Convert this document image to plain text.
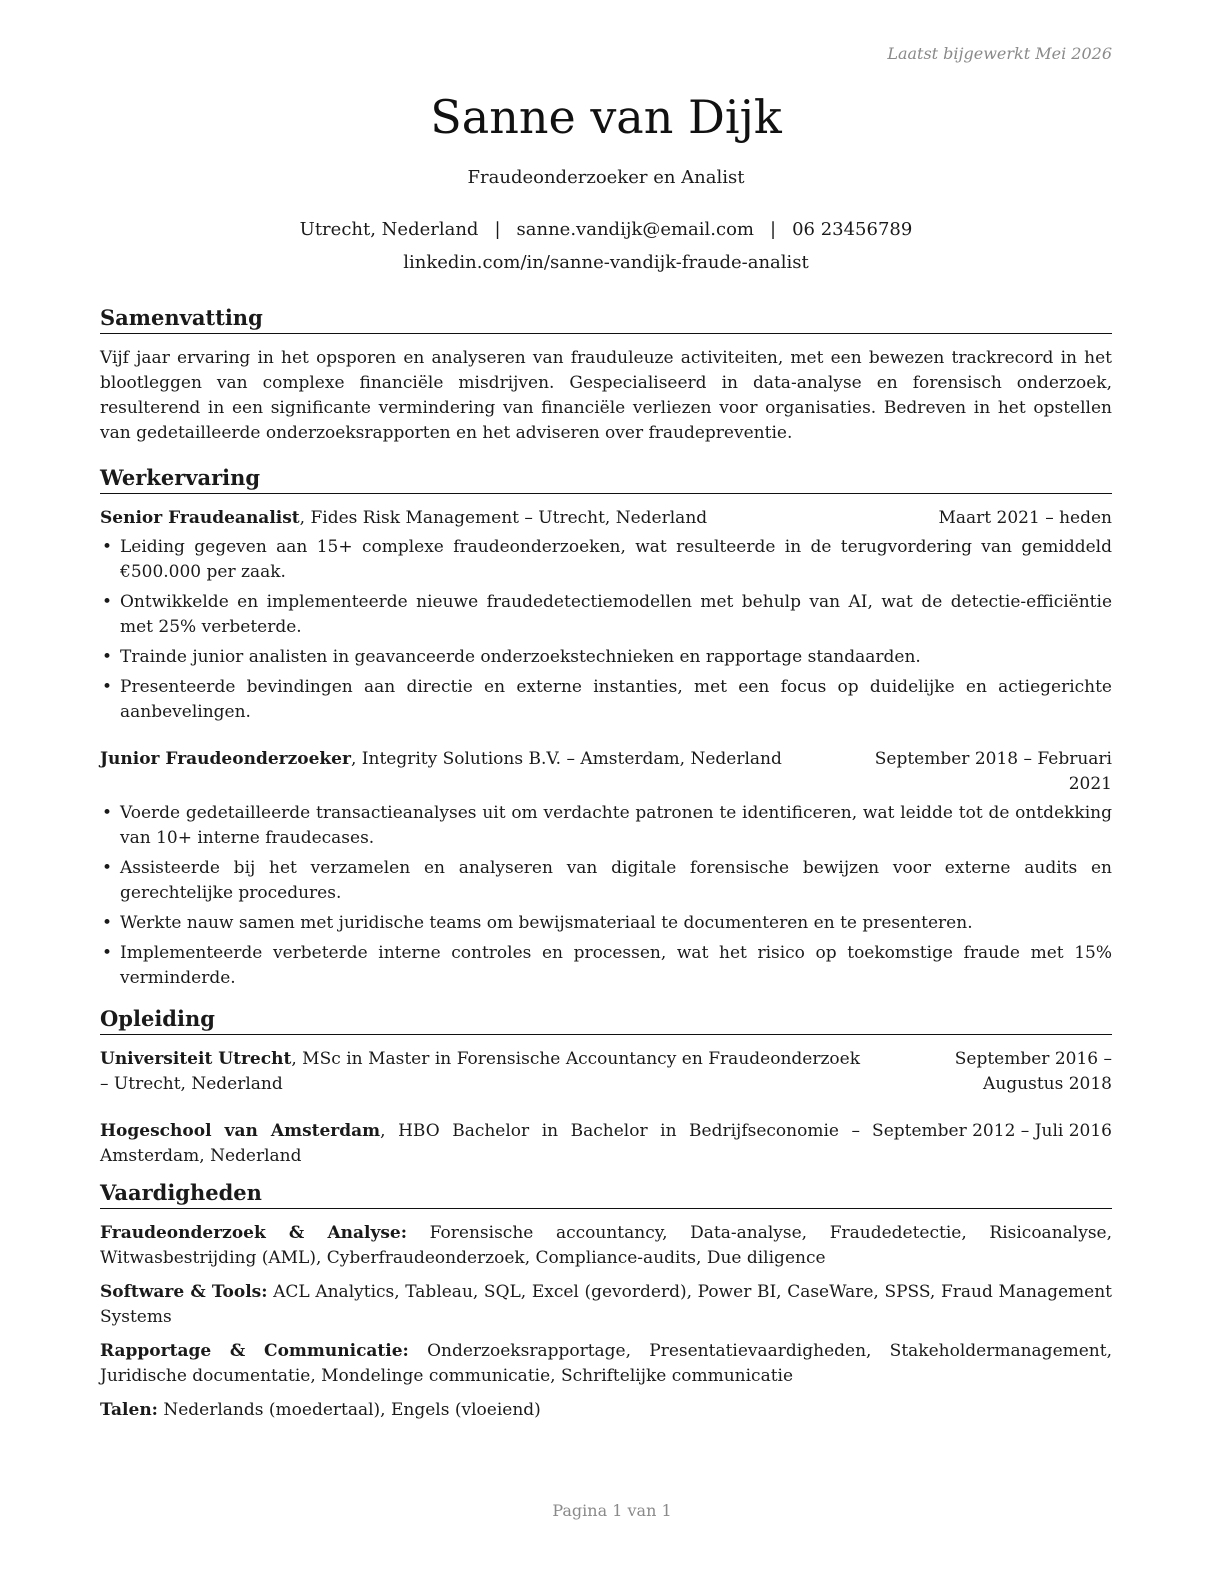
Laatst bijgewerkt Mei 2026
Sanne van Dijk
Fraudeonderzoeker en Analist
Utrecht, Nederland | sanne.vandijk@email.com | 06 23456789
linkedin.com/in/sanne-vandijk-fraude-analist
Samenvatting

Vijf jaar ervaring in het opsporen en analyseren van frauduleuze activiteiten, met een bewezen trackrecord in het blootleggen van complexe financiële misdrijven. Gespecialiseerd in data-analyse en forensisch onderzoek, resulterend in een significante vermindering van financiële verliezen voor organisaties. Bedreven in het opstellen van gedetailleerde onderzoeksrapporten en het adviseren over fraudepreventie.

Werkervaring
Senior Fraudeanalist, Fides Risk Management – Utrecht, Nederland	Maart 2021 – heden
• Leiding gegeven aan 15+ complexe fraudeonderzoeken, wat resulteerde in de terugvordering van gemiddeld €500.000 per zaak.
• Ontwikkelde en implementeerde nieuwe fraudedetectiemodellen met behulp van AI, wat de detectie-efficiëntie met 25% verbeterde.
• Trainde junior analisten in geavanceerde onderzoekstechnieken en rapportage standaarden.
• Presenteerde bevindingen aan directie en externe instanties, met een focus op duidelijke en actiegerichte aanbevelingen.
Junior Fraudeonderzoeker, Integrity Solutions B.V. – Amsterdam, Nederland	September 2018 – Februari 2021
• Voerde gedetailleerde transactieanalyses uit om verdachte patronen te identificeren, wat leidde tot de ontdekking van 10+ interne fraudecases.
• Assisteerde bij het verzamelen en analyseren van digitale forensische bewijzen voor externe audits en gerechtelijke procedures.
• Werkte nauw samen met juridische teams om bewijsmateriaal te documenteren en te presenteren.
• Implementeerde verbeterde interne controles en processen, wat het risico op toekomstige fraude met 15% verminderde.
Opleiding
Universiteit Utrecht, MSc in Master in Forensische Accountancy en Fraudeonderzoek – Utrecht, Nederland
September 2016 – Augustus 2018
Hogeschool van Amsterdam, HBO Bachelor in Bachelor in Bedrijfseconomie – Amsterdam, Nederland
September 2012 – Juli 2016
Vaardigheden
Fraudeonderzoek & Analyse: Forensische accountancy, Data-analyse, Fraudedetectie, Risicoanalyse, Witwasbestrijding (AML), Cyberfraudeonderzoek, Compliance-audits, Due diligence
Software & Tools: ACL Analytics, Tableau, SQL, Excel (gevorderd), Power BI, CaseWare, SPSS, Fraud Management Systems
Rapportage & Communicatie: Onderzoeksrapportage, Presentatievaardigheden, Stakeholdermanagement, Juridische documentatie, Mondelinge communicatie, Schriftelijke communicatie
Talen: Nederlands (moedertaal), Engels (vloeiend)
Pagina 1 van 1
